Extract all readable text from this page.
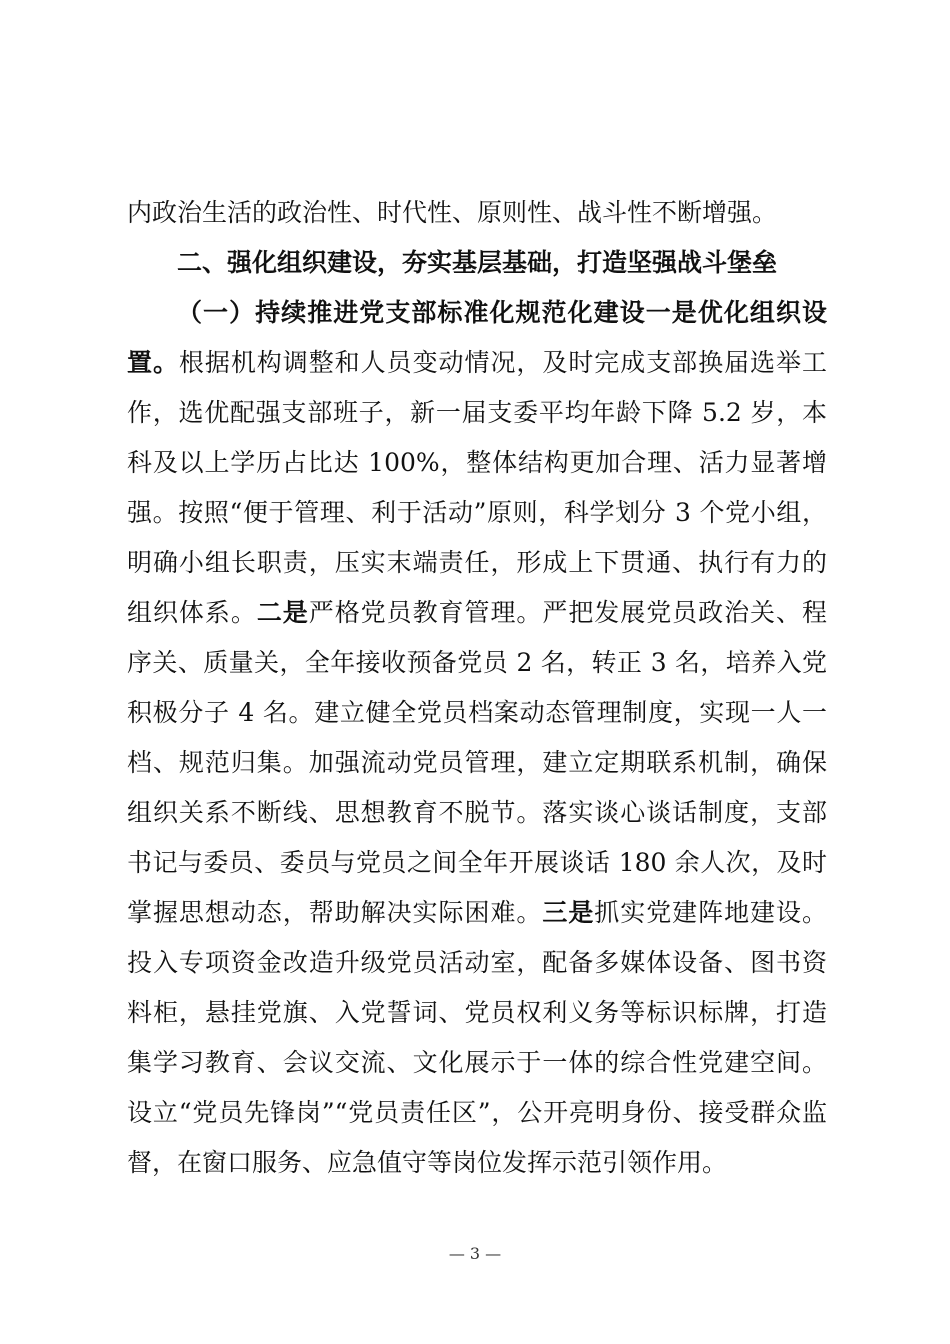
内政治生活的政治性、时代性、原则性、战斗性不断增强。

二、强化组织建设，夯实基层基础，打造坚强战斗堡垒

（一）持续推进党支部标准化规范化建设一是优化组织设

置。根据机构调整和人员变动情况，及时完成支部换届选举工

作，选优配强支部班子，新一届支委平均年龄下降 5.2 岁，本

科及以上学历占比达 100%，整体结构更加合理、活力显著增

强。按照“便于管理、利于活动”原则，科学划分 3 个党小组，

明确小组长职责，压实末端责任，形成上下贯通、执行有力的

组织体系。二是严格党员教育管理。严把发展党员政治关、程

序关、质量关，全年接收预备党员 2 名，转正 3 名，培养入党

积极分子 4 名。建立健全党员档案动态管理制度，实现一人一

档、规范归集。加强流动党员管理，建立定期联系机制，确保

组织关系不断线、思想教育不脱节。落实谈心谈话制度，支部

书记与委员、委员与党员之间全年开展谈话 180 余人次，及时

掌握思想动态，帮助解决实际困难。三是抓实党建阵地建设。

投入专项资金改造升级党员活动室，配备多媒体设备、图书资

料柜，悬挂党旗、入党誓词、党员权利义务等标识标牌，打造

集学习教育、会议交流、文化展示于一体的综合性党建空间。

设立“党员先锋岗”“党员责任区”，公开亮明身份、接受群众监

督，在窗口服务、应急值守等岗位发挥示范引领作用。

— 3 —
